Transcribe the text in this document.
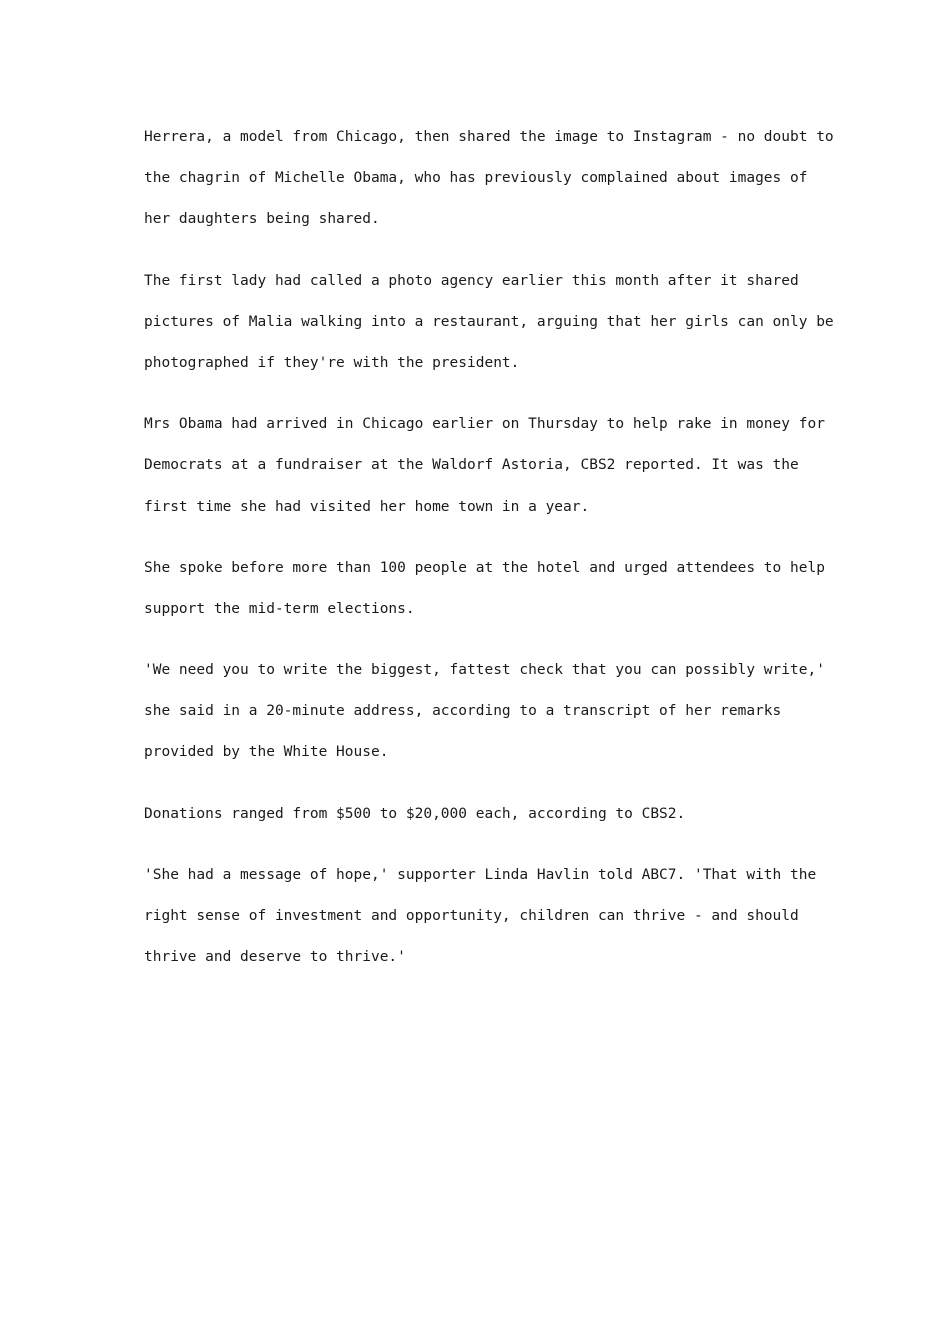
Herrera, a model from Chicago, then shared the image to Instagram - no doubt to
the chagrin of Michelle Obama, who has previously complained about images of
her daughters being shared.

The first lady had called a photo agency earlier this month after it shared
pictures of Malia walking into a restaurant, arguing that her girls can only be
photographed if they're with the president.

Mrs Obama had arrived in Chicago earlier on Thursday to help rake in money for
Democrats at a fundraiser at the Waldorf Astoria, CBS2 reported. It was the
first time she had visited her home town in a year.

She spoke before more than 100 people at the hotel and urged attendees to help
support the mid-term elections.

'We need you to write the biggest, fattest check that you can possibly write,'
she said in a 20-minute address, according to a transcript of her remarks
provided by the White House.

Donations ranged from $500 to $20,000 each, according to CBS2.

'She had a message of hope,' supporter Linda Havlin told ABC7. 'That with the
right sense of investment and opportunity, children can thrive - and should
thrive and deserve to thrive.'
